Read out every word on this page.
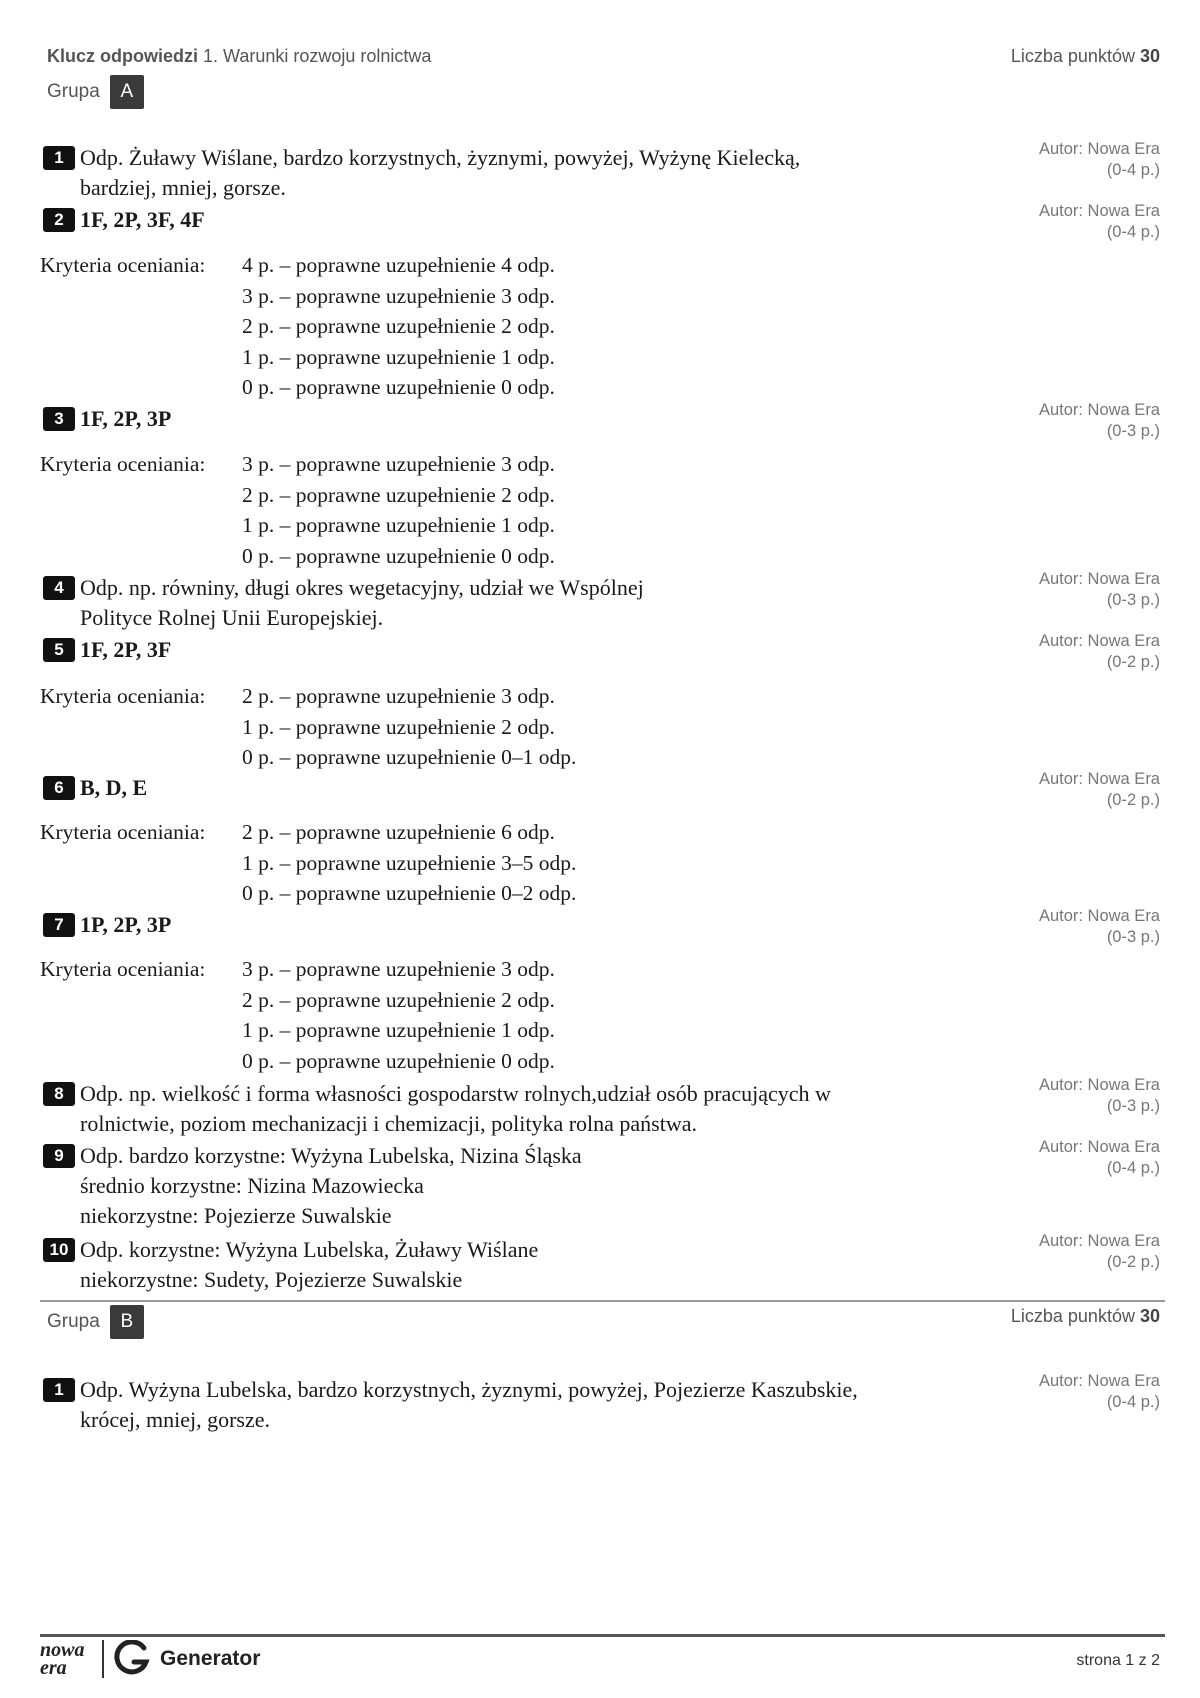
Klucz odpowiedzi 1. Warunki rozwoju rolnictwa	Liczba punktów 30
Grupa	A
1 Odp. Żuławy Wiślane, bardzo korzystnych, żyznymi, powyżej, Wyżynę Kielecką,
bardziej, mniej, gorsze.
Autor: Nowa Era
(0-4 p.)
2 1F, 2P, 3F, 4F	Autor: Nowa Era
(0-4 p.)
Kryteria oceniania: 4 p. – poprawne uzupełnienie 4 odp.
3 p. – poprawne uzupełnienie 3 odp.
2 p. – poprawne uzupełnienie 2 odp.
1 p. – poprawne uzupełnienie 1 odp.
0 p. – poprawne uzupełnienie 0 odp.
3 1F, 2P, 3P	Autor: Nowa Era
(0-3 p.)
Kryteria oceniania: 3 p. – poprawne uzupełnienie 3 odp.
2 p. – poprawne uzupełnienie 2 odp.
1 p. – poprawne uzupełnienie 1 odp.
0 p. – poprawne uzupełnienie 0 odp.
4 Odp. np. równiny, długi okres wegetacyjny, udział we Wspólnej
Polityce Rolnej Unii Europejskiej.
Autor: Nowa Era
(0-3 p.)
5 1F, 2P, 3F	Autor: Nowa Era
(0-2 p.)
Kryteria oceniania: 2 p. – poprawne uzupełnienie 3 odp.
1 p. – poprawne uzupełnienie 2 odp.
0 p. – poprawne uzupełnienie 0–1 odp.
6 B, D, E	Autor: Nowa Era
(0-2 p.)
Kryteria oceniania: 2 p. – poprawne uzupełnienie 6 odp.
1 p. – poprawne uzupełnienie 3–5 odp.
0 p. – poprawne uzupełnienie 0–2 odp.
7 1P, 2P, 3P	Autor: Nowa Era
(0-3 p.)
Kryteria oceniania: 3 p. – poprawne uzupełnienie 3 odp.
2 p. – poprawne uzupełnienie 2 odp.
1 p. – poprawne uzupełnienie 1 odp.
0 p. – poprawne uzupełnienie 0 odp.
8 Odp. np. wielkość i forma własności gospodarstw rolnych,udział osób pracujących w
rolnictwie, poziom mechanizacji i chemizacji, polityka rolna państwa.
Autor: Nowa Era
(0-3 p.)
9 Odp. bardzo korzystne: Wyżyna Lubelska, Nizina Śląska
średnio korzystne: Nizina Mazowiecka
niekorzystne: Pojezierze Suwalskie
Autor: Nowa Era
(0-4 p.)
10 Odp. korzystne: Wyżyna Lubelska, Żuławy Wiślane
niekorzystne: Sudety, Pojezierze Suwalskie
Autor: Nowa Era
(0-2 p.)
Grupa	B	Liczba punktów 30
1 Odp. Wyżyna Lubelska, bardzo korzystnych, żyznymi, powyżej, Pojezierze Kaszubskie,
krócej, mniej, gorsze.
Autor: Nowa Era
(0-4 p.)
nowa era	Generator	strona 1 z 2
